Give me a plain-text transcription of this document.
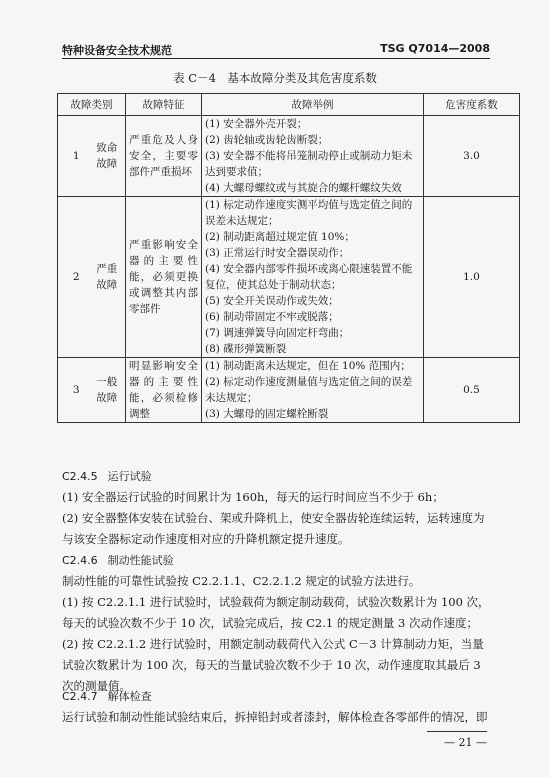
特种设备安全技术规范	TSG Q7014—2008
表 C－4　基本故障分类及其危害度系数
故障类别	故障特征	故障举例	危害度系数

1	致命故障
	严重危及人身安全，主要零部件严重损坏	
(1) 安全器外壳开裂；
(2) 齿轮轴或齿轮齿断裂；
(3) 安全器不能将吊笼制动停止或制动力矩未达到要求值；
(4) 大螺母螺纹或与其旋合的螺杆螺纹失效
	3.0

2	严重故障
	严重影响安全器的主要性能，必须更换或调整其内部零部件	
(1) 标定动作速度实测平均值与选定值之间的误差未达规定；
(2) 制动距离超过规定值 10%；
(3) 正常运行时安全器误动作；
(4) 安全器内部零件损坏或离心限速装置不能复位，使其总处于制动状态；
(5) 安全开关误动作或失效；
(6) 制动带固定不牢或脱落；
(7) 调速弹簧导向固定杆弯曲；
(8) 碟形弹簧断裂
	1.0

3	一般故障
	明显影响安全器的主要性能，必须检修调整	
(1) 制动距离未达规定，但在 10% 范围内；
(2) 标定动作速度测量值与选定值之间的误差未达规定；
(3) 大螺母的固定螺栓断裂
	0.5
C2.4.5 运行试验
(1) 安全器运行试验的时间累计为 160h，每天的运行时间应当不少于 6h；
(2) 安全器整体安装在试验台、架或升降机上，使安全器齿轮连续运转，运转速度为与该安全器标定动作速度相对应的升降机额定提升速度。
C2.4.6 制动性能试验
制动性能的可靠性试验按 C2.2.1.1、C2.2.1.2 规定的试验方法进行。
(1) 按 C2.2.1.1 进行试验时，试验载荷为额定制动载荷，试验次数累计为 100 次，每天的试验次数不少于 10 次，试验完成后，按 C2.1 的规定测量 3 次动作速度；
(2) 按 C2.2.1.2 进行试验时，用额定制动载荷代入公式 C－3 计算制动力矩，当量试验次数累计为 100 次，每天的当量试验次数不少于 10 次，动作速度取其最后 3 次的测量值。
C2.4.7 解体检查
运行试验和制动性能试验结束后，拆掉铅封或者漆封，解体检查各零部件的情况，即
— 21 —
